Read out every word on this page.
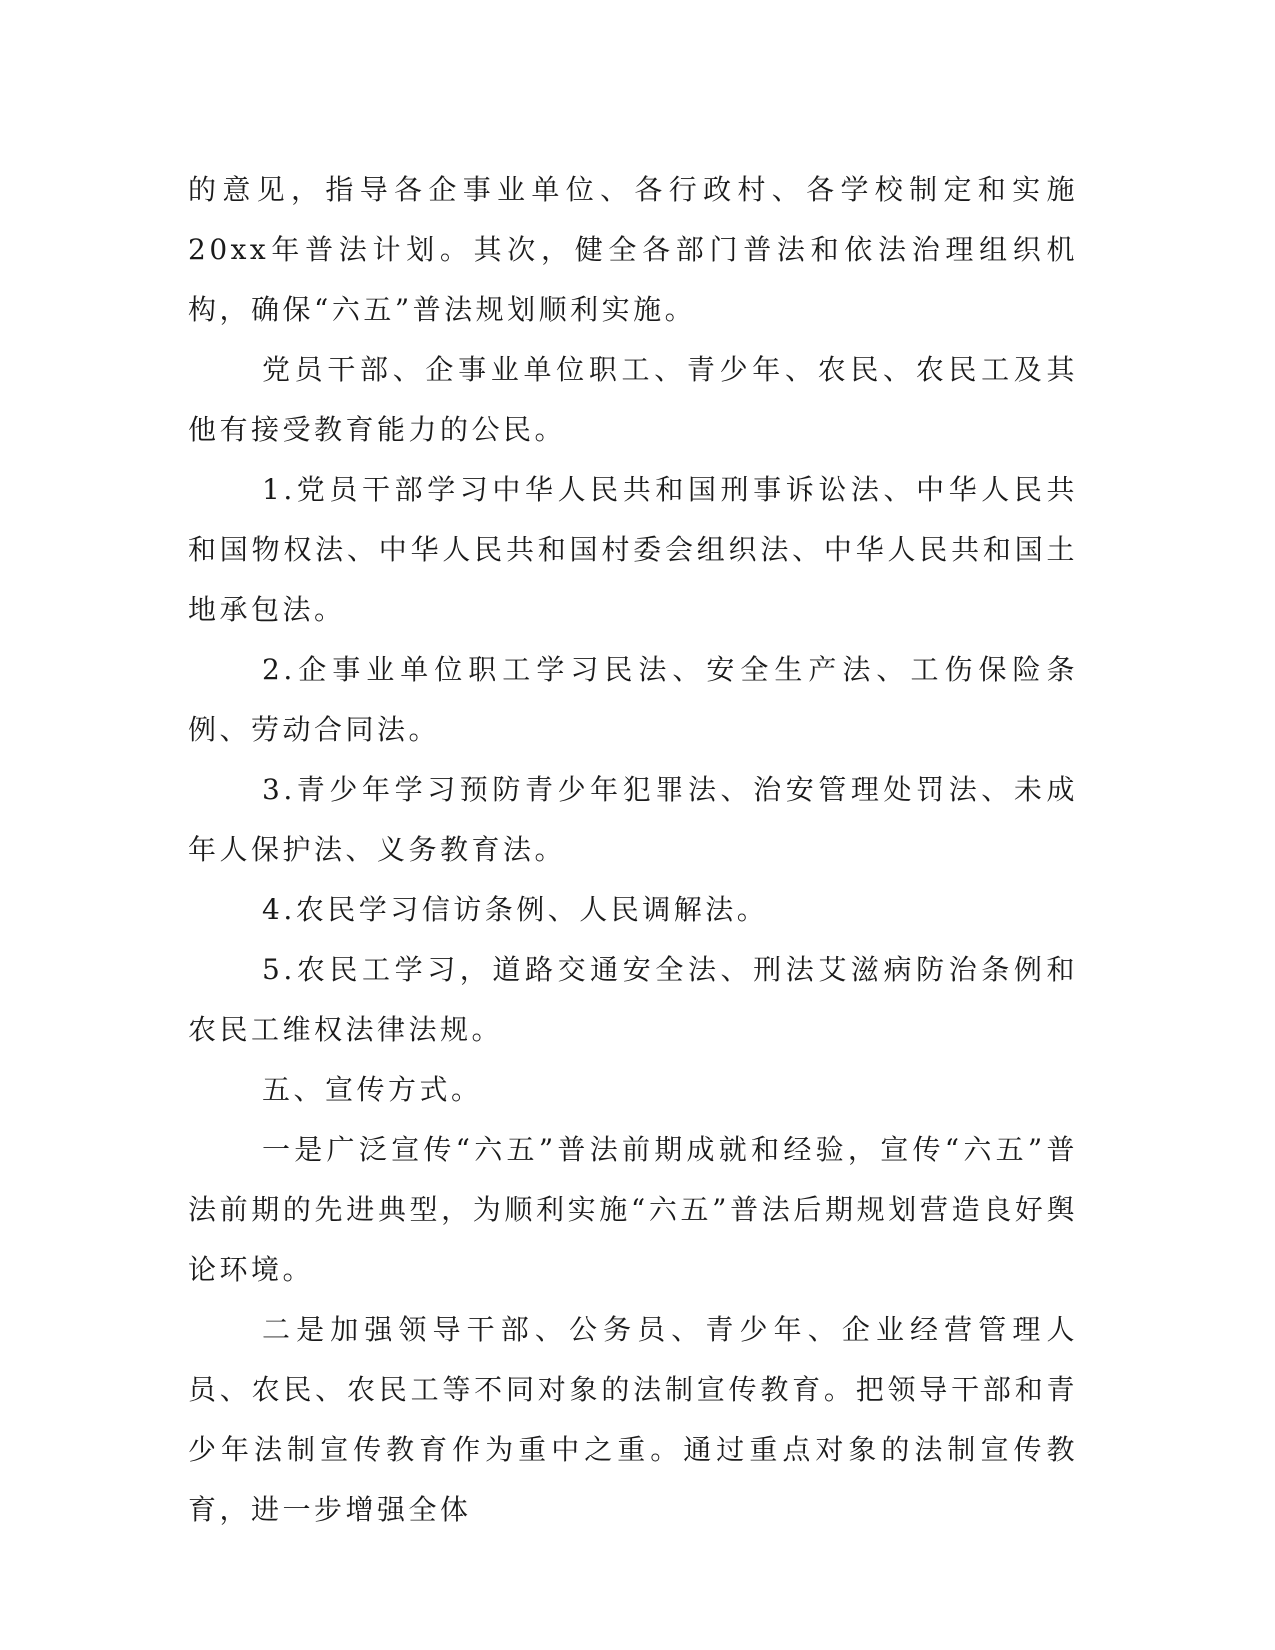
的意见，指导各企事业单位、各行政村、各学校制定和实施20xx年普法计划。其次，健全各部门普法和依法治理组织机构，确保“六五”普法规划顺利实施。

党员干部、企事业单位职工、青少年、农民、农民工及其他有接受教育能力的公民。

1.党员干部学习中华人民共和国刑事诉讼法、中华人民共和国物权法、中华人民共和国村委会组织法、中华人民共和国土地承包法。

2.企事业单位职工学习民法、安全生产法、工伤保险条例、劳动合同法。

3.青少年学习预防青少年犯罪法、治安管理处罚法、未成年人保护法、义务教育法。

4.农民学习信访条例、人民调解法。

5.农民工学习，道路交通安全法、刑法艾滋病防治条例和农民工维权法律法规。

五、宣传方式。

一是广泛宣传“六五”普法前期成就和经验，宣传“六五”普法前期的先进典型，为顺利实施“六五”普法后期规划营造良好舆论环境。

二是加强领导干部、公务员、青少年、企业经营管理人员、农民、农民工等不同对象的法制宣传教育。把领导干部和青少年法制宣传教育作为重中之重。通过重点对象的法制宣传教育，进一步增强全体
